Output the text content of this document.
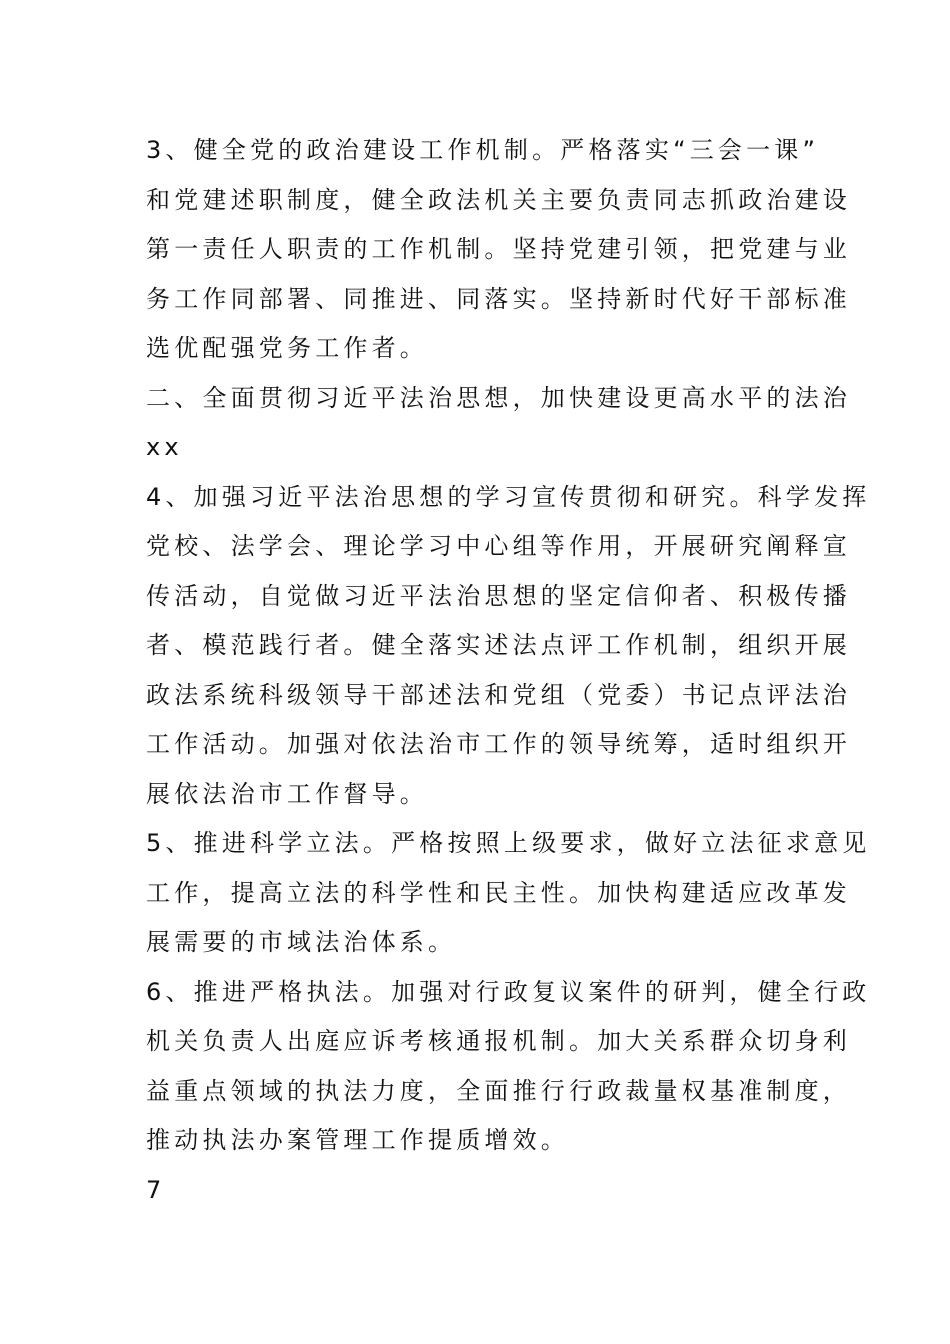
3、健全党的政治建设工作机制。严格落实“三会一课”
和党建述职制度，健全政法机关主要负责同志抓政治建设
第一责任人职责的工作机制。坚持党建引领，把党建与业
务工作同部署、同推进、同落实。坚持新时代好干部标准
选优配强党务工作者。
二、全面贯彻习近平法治思想，加快建设更高水平的法治
xx
4、加强习近平法治思想的学习宣传贯彻和研究。科学发挥
党校、法学会、理论学习中心组等作用，开展研究阐释宣
传活动，自觉做习近平法治思想的坚定信仰者、积极传播
者、模范践行者。健全落实述法点评工作机制，组织开展
政法系统科级领导干部述法和党组（党委）书记点评法治
工作活动。加强对依法治市工作的领导统筹，适时组织开
展依法治市工作督导。
5、推进科学立法。严格按照上级要求，做好立法征求意见
工作，提高立法的科学性和民主性。加快构建适应改革发
展需要的市域法治体系。
6、推进严格执法。加强对行政复议案件的研判，健全行政
机关负责人出庭应诉考核通报机制。加大关系群众切身利
益重点领域的执法力度，全面推行行政裁量权基准制度，
推动执法办案管理工作提质增效。
7
